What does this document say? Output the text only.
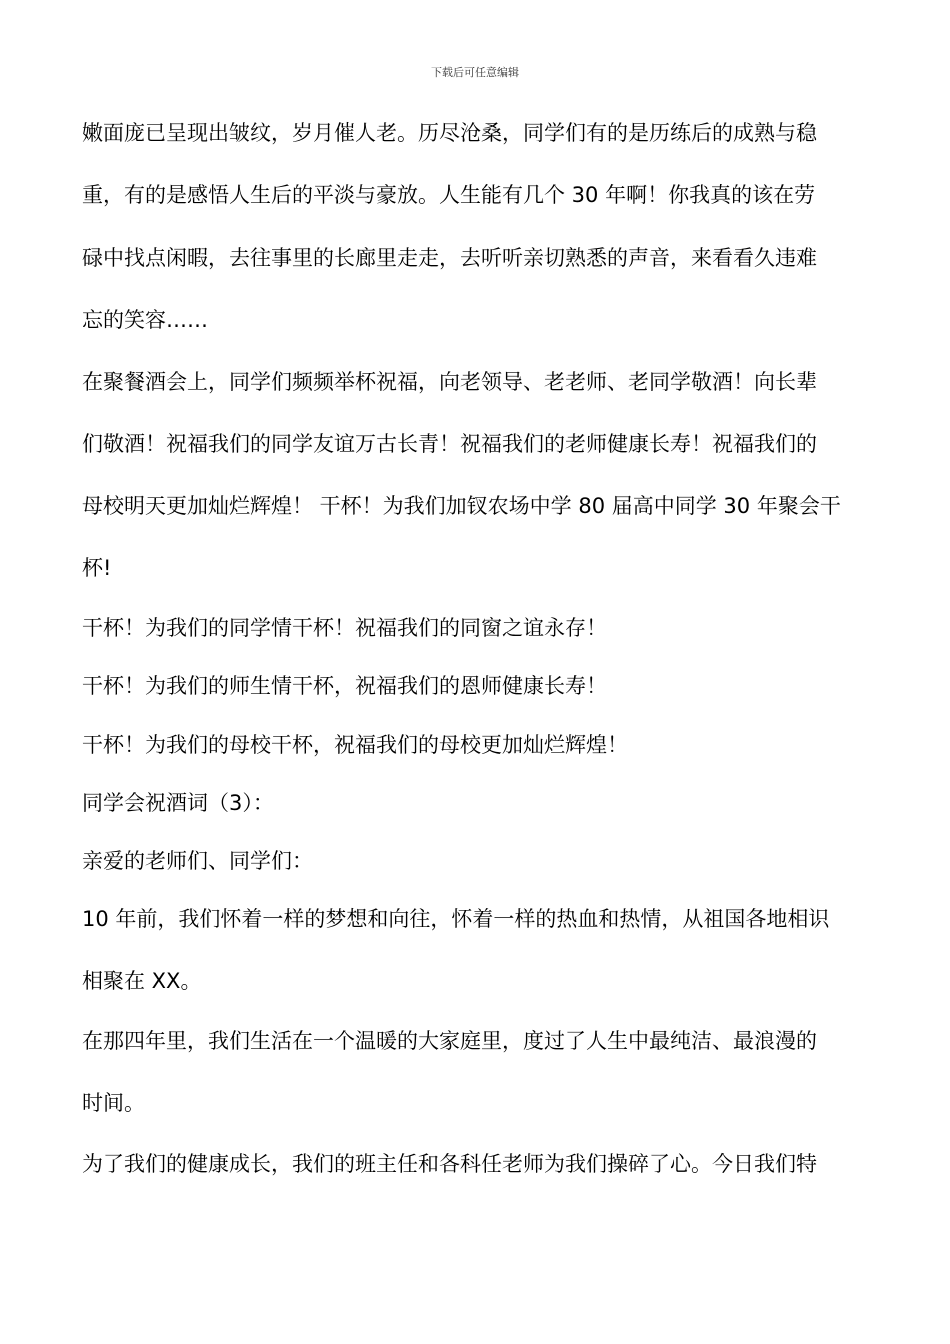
下载后可任意编辑
嫩面庞已呈现出皱纹，岁月催人老。历尽沧桑，同学们有的是历练后的成熟与稳
重，有的是感悟人生后的平淡与豪放。人生能有几个 30 年啊！你我真的该在劳
碌中找点闲暇，去往事里的长廊里走走，去听听亲切熟悉的声音，来看看久违难
忘的笑容……
在聚餐酒会上，同学们频频举杯祝福，向老领导、老老师、老同学敬酒！向长辈
们敬酒！祝福我们的同学友谊万古长青！祝福我们的老师健康长寿！祝福我们的
母校明天更加灿烂辉煌！ 干杯！为我们加钗农场中学 80 届高中同学 30 年聚会干
杯!
干杯！为我们的同学情干杯！祝福我们的同窗之谊永存！
干杯！为我们的师生情干杯，祝福我们的恩师健康长寿！
干杯！为我们的母校干杯，祝福我们的母校更加灿烂辉煌！
同学会祝酒词（3）：
亲爱的老师们、同学们：
10 年前，我们怀着一样的梦想和向往，怀着一样的热血和热情，从祖国各地相识
相聚在 XX。
在那四年里，我们生活在一个温暖的大家庭里，度过了人生中最纯洁、最浪漫的
时间。
为了我们的健康成长，我们的班主任和各科任老师为我们操碎了心。今日我们特
